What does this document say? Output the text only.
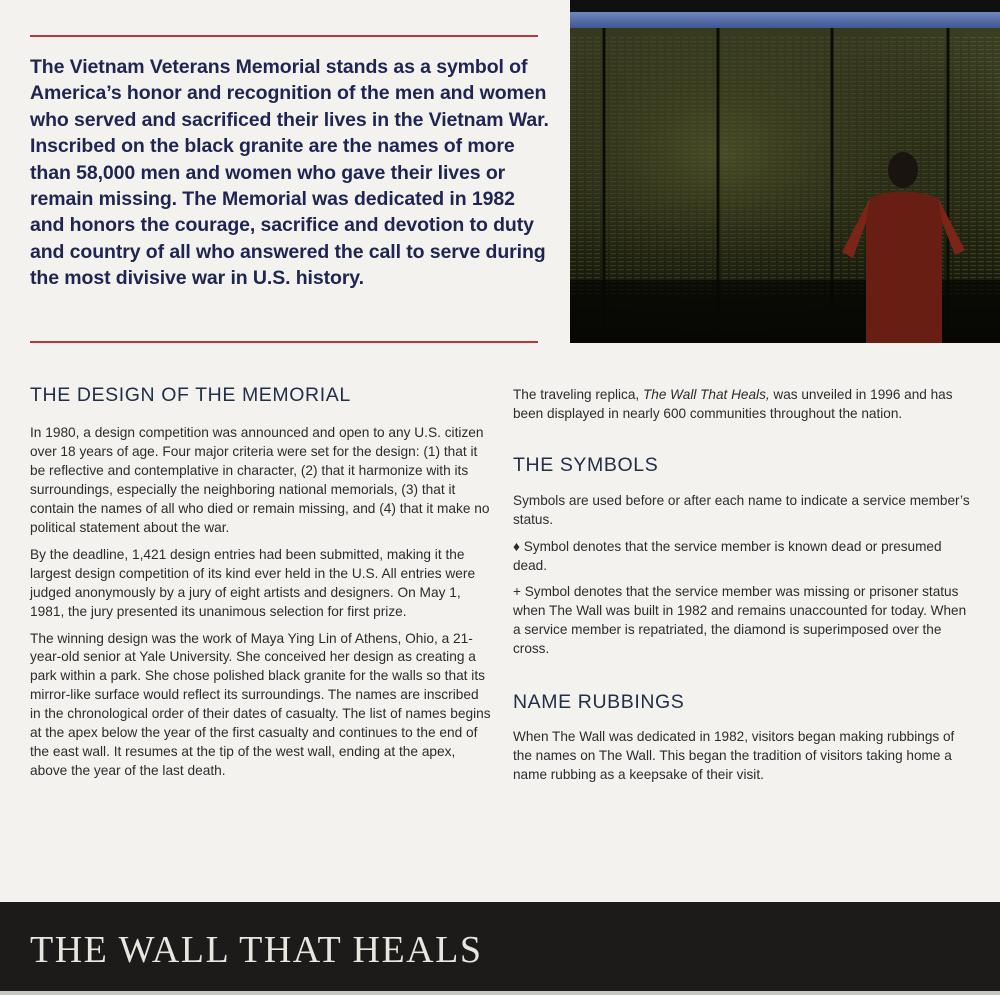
The Vietnam Veterans Memorial stands as a symbol of America’s honor and recognition of the men and women who served and sacrificed their lives in the Vietnam War. Inscribed on the black granite are the names of more than 58,000 men and women who gave their lives or remain missing. The Memorial was dedicated in 1982 and honors the courage, sacrifice and devotion to duty and country of all who answered the call to serve during the most divisive war in U.S. history.

THE DESIGN OF THE MEMORIAL

In 1980, a design competition was announced and open to any U.S. citizen over 18 years of age. Four major criteria were set for the design: (1) that it be reflective and contemplative in character, (2) that it harmonize with its surroundings, especially the neighboring national memorials, (3) that it contain the names of all who died or remain missing, and (4) that it make no political statement about the war.

By the deadline, 1,421 design entries had been submitted, making it the largest design competition of its kind ever held in the U.S. All entries were judged anonymously by a jury of eight artists and designers. On May 1, 1981, the jury presented its unanimous selection for first prize.

The winning design was the work of Maya Ying Lin of Athens, Ohio, a 21-year-old senior at Yale University. She conceived her design as creating a park within a park. She chose polished black granite for the walls so that its mirror-like surface would reflect its surroundings. The names are inscribed in the chronological order of their dates of casualty. The list of names begins at the apex below the year of the first casualty and continues to the end of the east wall. It resumes at the tip of the west wall, ending at the apex, above the year of the last death.

The traveling replica, The Wall That Heals, was unveiled in 1996 and has been displayed in nearly 600 communities throughout the nation.

THE SYMBOLS

Symbols are used before or after each name to indicate a service member’s status.

♦ Symbol denotes that the service member is known dead or presumed dead.

+ Symbol denotes that the service member was missing or prisoner status when The Wall was built in 1982 and remains unaccounted for today. When a service member is repatriated, the diamond is superimposed over the cross.

NAME RUBBINGS

When The Wall was dedicated in 1982, visitors began making rubbings of the names on The Wall. This began the tradition of visitors taking home a name rubbing as a keepsake of their visit.

THE WALL THAT HEALS
